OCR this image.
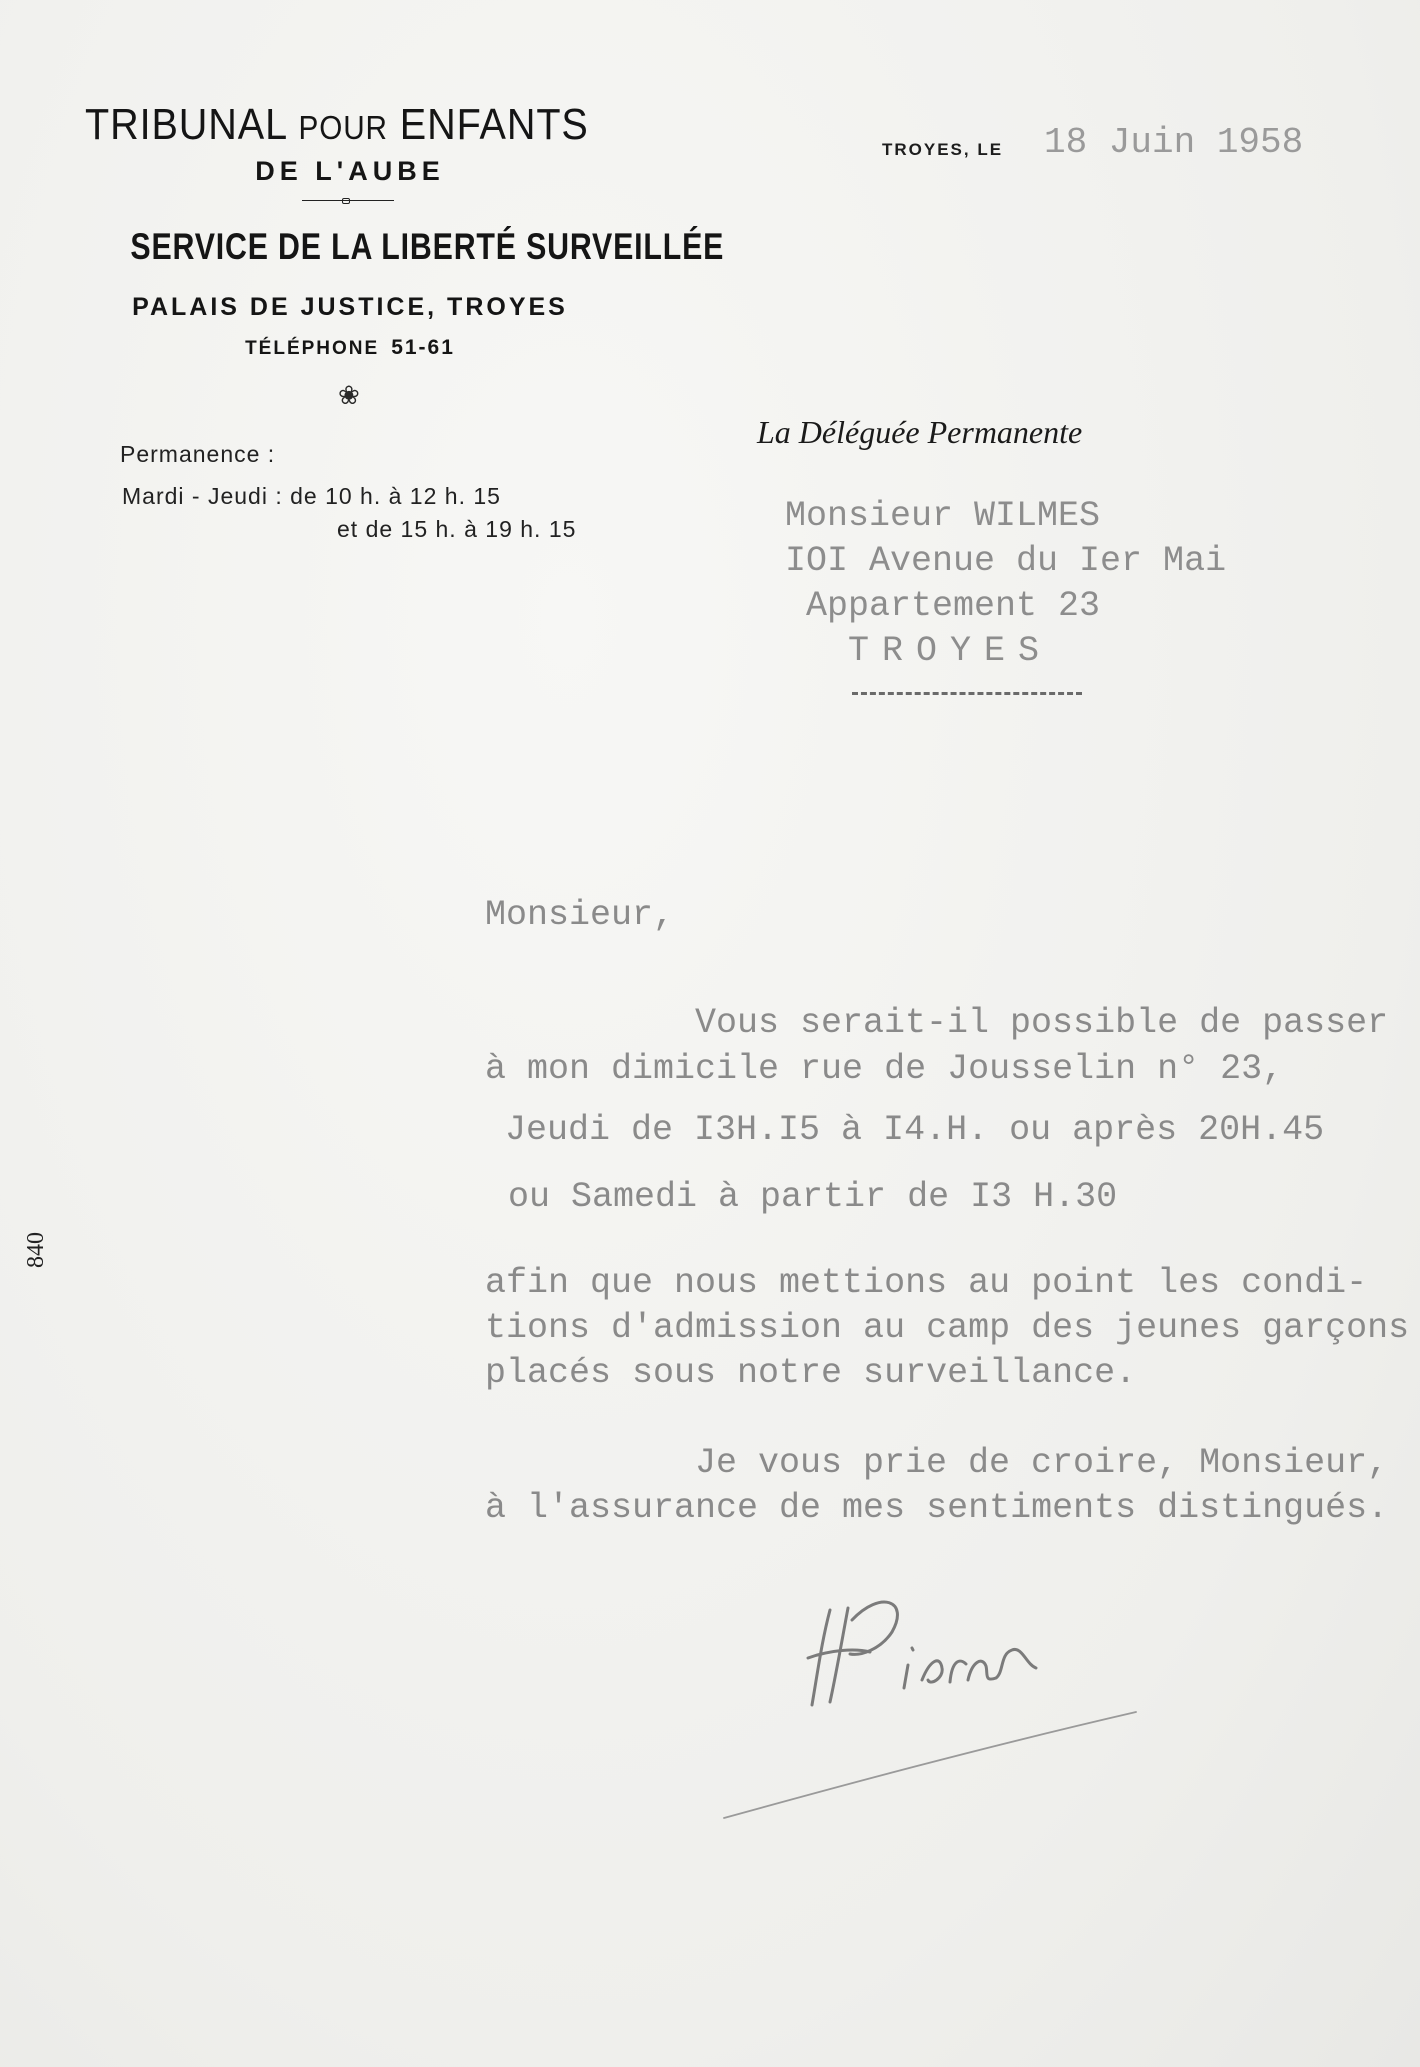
TRIBUNAL POUR ENFANTS
DE L'AUBE
SERVICE DE LA LIBERTÉ SURVEILLÉE
PALAIS DE JUSTICE, TROYES
TÉLÉPHONE 51-61
❀
Permanence :
Mardi - Jeudi : de 10 h. à 12 h. 15
et de 15 h. à 19 h. 15
TROYES, LE 18 Juin 1958
La Déléguée Permanente
Monsieur WILMES
IOI Avenue du Ier Mai
Appartement 23
TROYES
Monsieur,
Vous serait-il possible de passer
à mon dimicile rue de Jousselin n° 23,
Jeudi de I3H.I5 à I4.H. ou après 20H.45
ou Samedi à partir de I3 H.30
afin que nous mettions au point les condi-
tions d'admission au camp des jeunes garçons
placés sous notre surveillance.
Je vous prie de croire, Monsieur,
à l'assurance de mes sentiments distingués.
840
